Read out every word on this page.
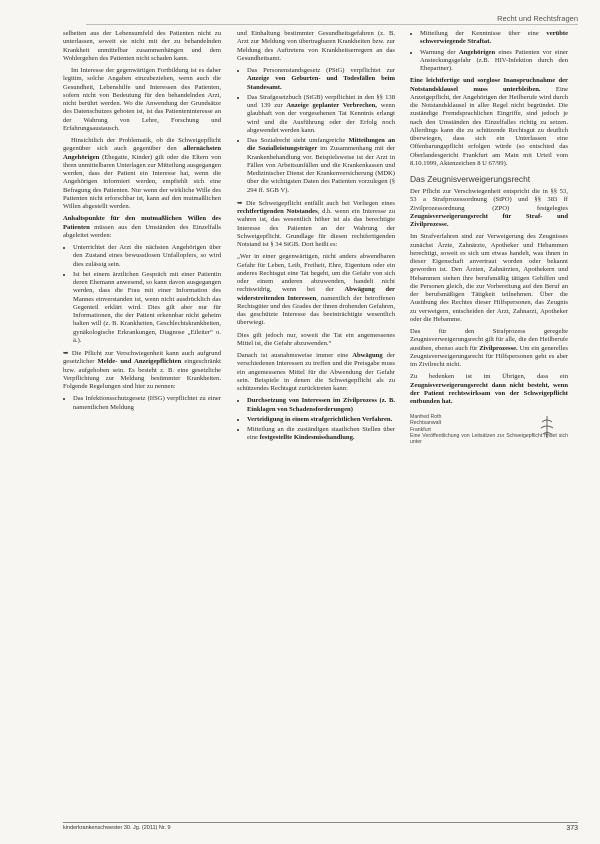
Recht und Rechtsfragen

selbeiten aus der Lebensumfeld des Patienten nicht zu unterlassen, soweit sie nicht mit der zu behandelnden Krankheit unmittelbar zusammenhängen und dem Wohlergehen des Patienten nicht schaden kann.

Im Interesse der gegenwärtigen Fortbildung ist es daher legitim, solche Angaben einzubeziehen, wenn auch die Gesundheit, Lebenshilfe und Interessen des Patienten, sofern nicht von Bedeutung für den behandelnden Arzt, nicht berührt werden. Wo die Anwendung der Grundsätze des Datenschutzes geboten ist, ist das Patienteninteresse an der Wahrung von Lehre, Forschung und Erfahrungsaustausch.

Hinsichtlich der Problematik, ob die Schweigepflicht gegenüber sich auch gegenüber den allernächsten Angehörigen (Ehegatte, Kinder) gilt oder die Eltern von ihren unmittelbaren Unterlagen zur Mitteilung ausgegangen werden, dass der Patient ein Interesse hat, wenn die Angehörigen informiert werden, empfiehlt sich eine Befragung des Patienten. Nur wenn der wirkliche Wille des Patienten nicht erforschbar ist, kann auf den mutmaßlichen Willen abgestellt werden.

Anhaltspunkte für den mutmaßlichen Willen des Patienten müssen aus den Umständen des Einzelfalls abgeleitet werden:

• Unterrichtet der Arzt die nächsten Angehörigen über den Zustand eines bewusstlosen Unfallopfers, so wird dies zulässig sein.
• Ist bei einem ärztlichen Gespräch mit einer Patientin deren Ehemann anwesend, so kann davon ausgegangen werden, dass die Frau mit einer Information des Mannes einverstanden ist, wenn nicht ausdrücklich das Gegenteil erklärt wird. Dies gilt aber nur für Informationen, die der Patient erkennbar nicht geheim halten will (z. B. Krankheiten, Geschlechtskrankheiten, gynäkologische Erkrankungen, Diagnose „Eileiter“ o. ä.).

➥ Die Pflicht zur Verschwiegenheit kann auch aufgrund gesetzlicher Melde- und Anzeigepflichten eingeschränkt bzw. aufgehoben sein. Es besteht z. B. eine gesetzliche Verpflichtung zur Meldung bestimmter Krankheiten. Folgende Regelungen sind hier zu nennen:

• Das Infektionsschutzgesetz (IfSG) verpflichtet zu einer namentlichen Meldung

und Einhaltung bestimmter Gesundheitsgefahren (z. B. Arzt zur Meldung von übertragbaren Krankheiten bzw. zur Meldung des Auftretens von Krankheitserregern an das Gesundheitsamt.

• Das Personenstandsgesetz (PStG) verpflichtet zur Anzeige von Geburten- und Todesfällen beim Standesamt.
• Das Strafgesetzbuch (StGB) verpflichtet in den §§ 138 und 139 zur Anzeige geplanter Verbrechen, wenn glaubhaft von der vorgesehenen Tat Kenntnis erlangt wird und die Ausführung oder der Erfolg noch abgewendet werden kann.
• Das Sozialrecht sieht umfangreiche Mitteilungen an die Sozialleistungsträger im Zusammenhang mit der Krankenbehandlung vor. Beispielsweise ist der Arzt in Fällen von Arbeitsunfällen und die Krankenkassen und Medizinischer Dienst der Krankenversicherung (MDK) über die wichtigsten Daten des Patienten vorzulegen (§ 294 ff. SGB V).

➥ Die Schweigepflicht entfällt auch bei Vorliegen eines rechtfertigenden Notstandes, d.h. wenn ein Interesse zu wahren ist, das wesentlich höher ist als das berechtigte Interesse des Patienten an der Wahrung der Schweigepflicht. Grundlage für diesen rechtfertigenden Notstand ist § 34 StGB. Dort heißt es:

„Wer in einer gegenwärtigen, nicht anders abwendbaren Gefahr für Leben, Leib, Freiheit, Ehre, Eigentum oder ein anderes Rechtsgut eine Tat begeht, um die Gefahr von sich oder einem anderen abzuwenden, handelt nicht rechtswidrig, wenn bei der Abwägung der widerstreitenden Interessen, namentlich der betroffenen Rechtsgüter und des Grades der ihnen drohenden Gefahren, das geschützte Interesse das beeinträchtigte wesentlich überwiegt.

Dies gilt jedoch nur, soweit die Tat ein angemessenes Mittel ist, die Gefahr abzuwenden.“

Danach ist ausnahmsweise immer eine Abwägung der verschiedenen Interessen zu treffen und die Preisgabe muss ein angemessenes Mittel für die Abwendung der Gefahr sein. Beispiele in denen die Schweigepflicht als zu schützendes Rechtsgut zurücktreten kann:

• Durchsetzung von Interessen im Zivilprozess (z. B. Einklagen von Schadensforderungen)
• Verteidigung in einem strafgerichtlichen Verfahren.
• Mitteilung an die zuständigen staatlichen Stellen über eine festgestellte Kindesmisshandlung.
• Mitteilung der Kenntnisse über eine verübte schwerwiegende Straftat.
• Warnung der Angehörigen eines Patienten vor einer Ansteckungsgefahr (z.B. HIV-Infektion durch den Ehepartner).

Eine leichtfertige und sorglose Inanspruchnahme der Notstandsklausel muss unterbleiben. Eine Anzeigepflicht, der Angehörigen der Heilberufe wird durch die Notstandsklausel in aller Regel nicht begründet. Die zuständige Fremdsprachlichen Eingriffe, sind jedoch je nach den Umständen des Einzelfalles richtig zu setzen. Allerdings kann die zu schützende Rechtsgut zu deutlich überwiegen, dass sich ein Unterlassen eine Offenbarungspflicht erfolgen würde (so entschied das Oberlandesgericht Frankfurt am Main mit Urteil vom 8.10.1999, Aktenzeichen 8 U 67/99).

Das Zeugnisverweigerungsrecht

Der Pflicht zur Verschwiegenheit entspricht die in §§ 53, 53 a Strafprozessordnung (StPO) und §§ 383 ff Zivilprozessordnung (ZPO) festgelegtes Zeugnisverweigerungsrecht für Straf- und Zivilprozesse.

Im Strafverfahren sind zur Verweigerung des Zeugnisses zunächst Ärzte, Zahnärzte, Apotheker und Hebammen berechtigt, soweit es sich um etwas handelt, was ihnen in dieser Eigenschaft anvertraut worden oder bekannt geworden ist. Den Ärzten, Zahnärzten, Apothekern und Hebammen stehen ihre berufsmäßig tätigen Gehilfen und die Personen gleich, die zur Vorbereitung auf den Beruf an der berufsmäßigen Tätigkeit teilnehmen. Über die Ausübung des Rechtes dieser Hilfspersonen, das Zeugnis zu verweigern, entscheiden der Arzt, Zahnarzt, Apotheker oder die Hebamme.

Das für den Strafprozess geregelte Zeugnisverweigerungsrecht gilt für alle, die den Heilberufe ausüben, ebenso auch für Zivilprozesse. Um ein generelles Zeugnisverweigerungsrecht für Hilfspersonen geht es aber im Zivilrecht nicht.

Zu bedenken ist im Übrigen, dass ein Zeugnisverweigerungsrecht dann nicht besteht, wenn der Patient rechtswirksam von der Schweigepflicht entbunden hat.

Manfred Roth
Rechtsanwalt
Frankfurt
Eine Veröffentlichung von Leitsätzen zur Schweigepflicht findet sich unter
kinderkrankenschwester 30. Jg. (2011) Nr. 9	373
